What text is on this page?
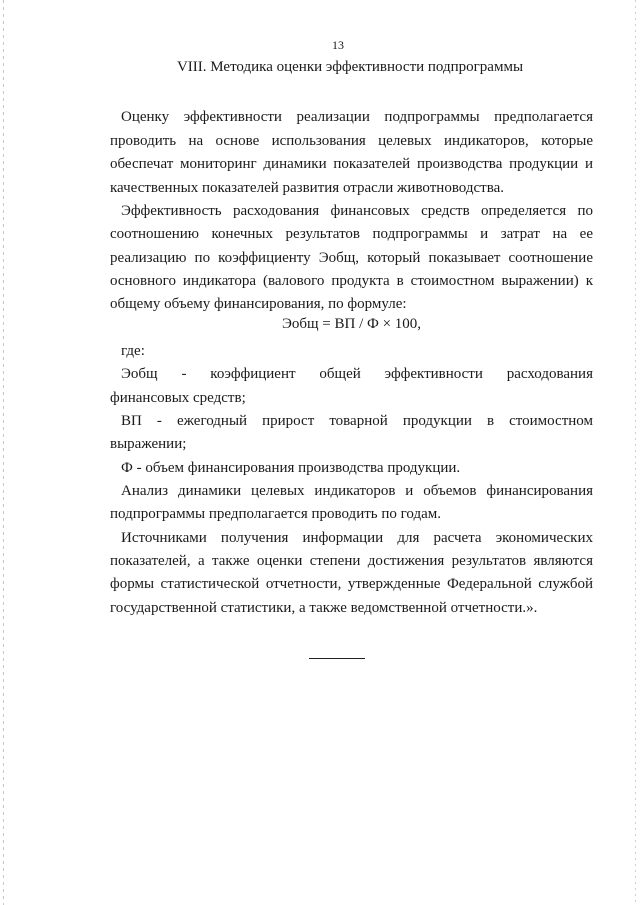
13
VIII. Методика оценки эффективности подпрограммы
Оценку эффективности реализации подпрограммы предполагается
проводить на основе использования целевых индикаторов, которые
обеспечат мониторинг динамики показателей производства продукции и
качественных показателей развития отрасли животноводства.
Эффективность расходования финансовых средств определяется по
соотношению конечных результатов подпрограммы и затрат на ее
реализацию по коэффициенту Эобщ, который показывает соотношение
основного индикатора (валового продукта в стоимостном выражении) к
общему объему финансирования, по формуле:
Эобщ = ВП / Ф × 100,
где:
Эобщ - коэффициент общей эффективности расходования
финансовых средств;
ВП - ежегодный прирост товарной продукции в стоимостном
выражении;
Ф - объем финансирования производства продукции.
Анализ динамики целевых индикаторов и объемов финансирования
подпрограммы предполагается проводить по годам.
Источниками получения информации для расчета экономических
показателей, а также оценки степени достижения результатов являются
формы статистической отчетности, утвержденные Федеральной службой
государственной статистики, а также ведомственной отчетности.».
